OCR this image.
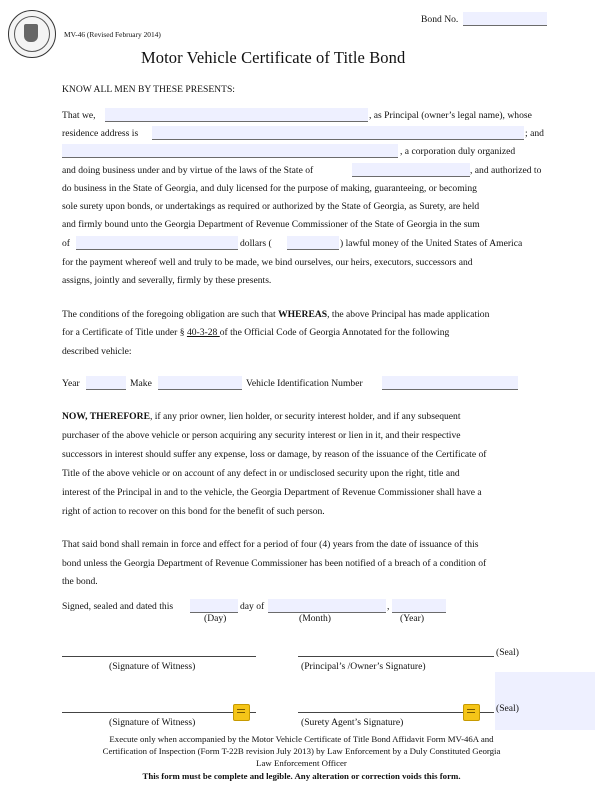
MV-46 (Revised February 2014)
Bond No.
Motor Vehicle Certificate of Title Bond
KNOW ALL MEN BY THESE PRESENTS:
That we,	, as Principal (owner’s legal name), whose
residence address is	; and
, a corporation duly organized
and doing business under and by virtue of the laws of the State of	, and authorized to
do business in the State of Georgia, and duly licensed for the purpose of making, guaranteeing, or becoming
sole surety upon bonds, or undertakings as required or authorized by the State of Georgia, as Surety, are held
and firmly bound unto the Georgia Department of Revenue Commissioner of the State of Georgia in the sum
of	dollars (	) lawful money of the United States of America
for the payment whereof well and truly to be made, we bind ourselves, our heirs, executors, successors and
assigns, jointly and severally, firmly by these presents.
The conditions of the foregoing obligation are such that WHEREAS, the above Principal has made application
for a Certificate of Title under § 40-3-28 of the Official Code of Georgia Annotated for the following
described vehicle:
Year	Make	Vehicle Identification Number
NOW, THEREFORE, if any prior owner, lien holder, or security interest holder, and if any subsequent
purchaser of the above vehicle or person acquiring any security interest or lien in it, and their respective
successors in interest should suffer any expense, loss or damage, by reason of the issuance of the Certificate of
Title of the above vehicle or on account of any defect in or undisclosed security upon the right, title and
interest of the Principal in and to the vehicle, the Georgia Department of Revenue Commissioner shall have a
right of action to recover on this bond for the benefit of such person.
That said bond shall remain in force and effect for a period of four (4) years from the date of issuance of this
bond unless the Georgia Department of Revenue Commissioner has been notified of a breach of a condition of
the bond.
Signed, sealed and dated this	day of	,
(Day)	(Month)	(Year)
(Seal)
(Signature of Witness)	(Principal’s /Owner’s Signature)
(Seal)
(Signature of Witness)	(Surety Agent’s Signature)
Execute only when accompanied by the Motor Vehicle Certificate of Title Bond Affidavit Form MV-46A and
Certification of Inspection (Form T-22B revision July 2013) by Law Enforcement by a Duly Constituted Georgia
Law Enforcement Officer
This form must be complete and legible. Any alteration or correction voids this form.
